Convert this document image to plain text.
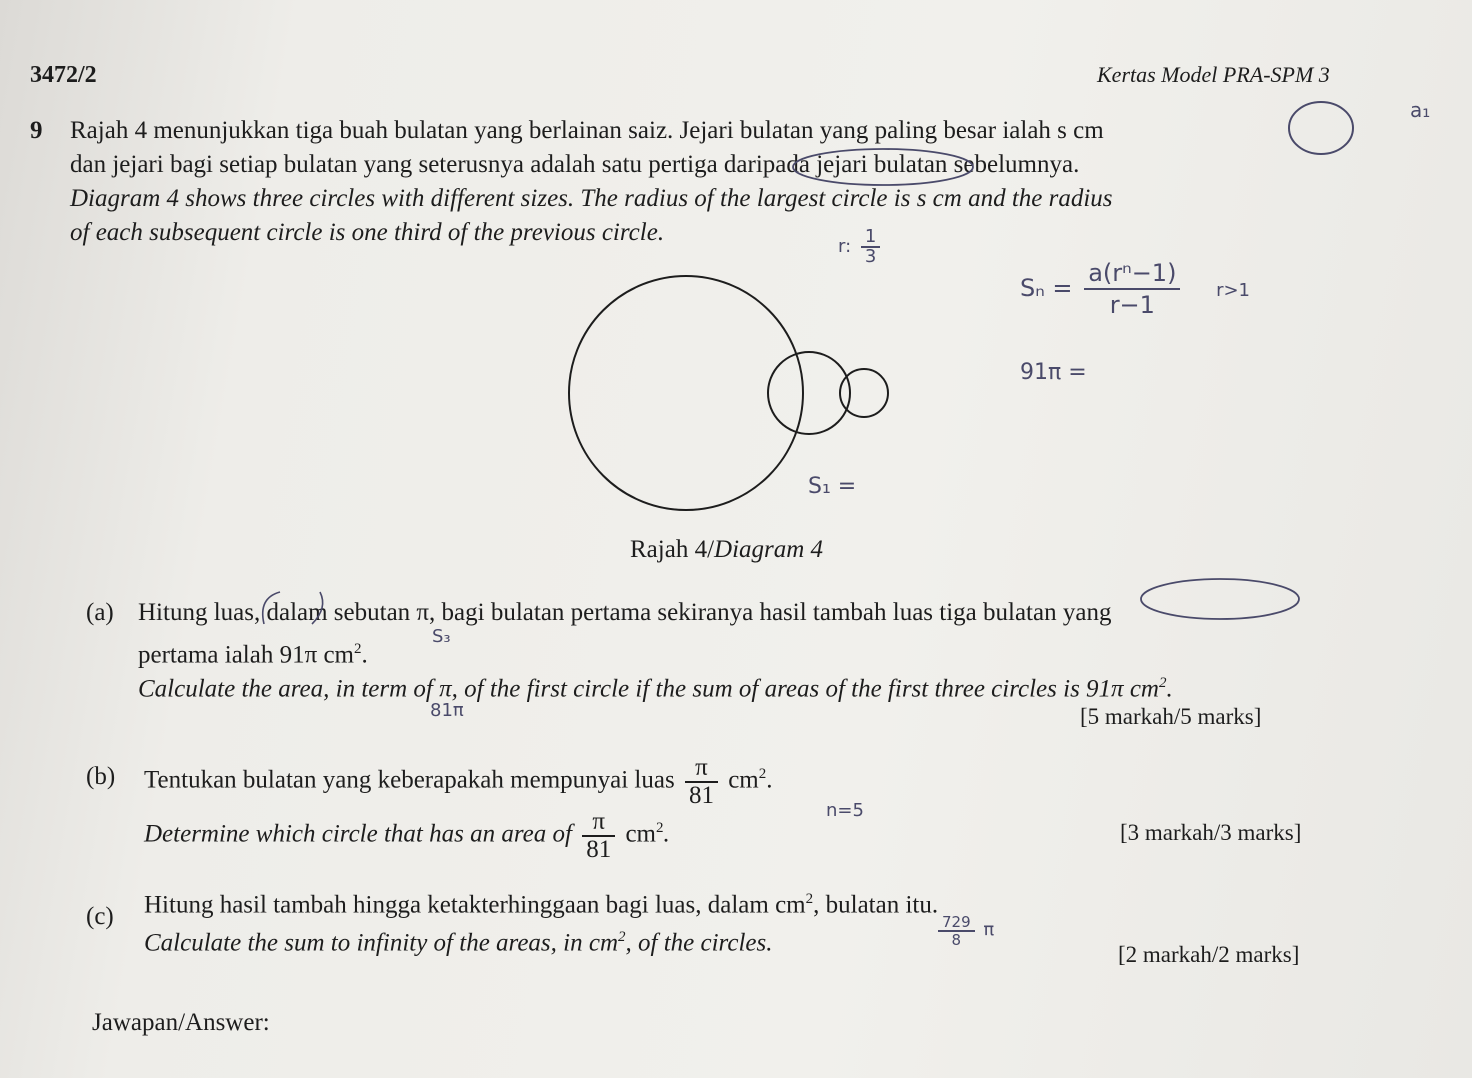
3472/2	Kertas Model PRA-SPM 3
9 Rajah 4 menunjukkan tiga buah bulatan yang berlainan saiz. Jejari bulatan yang paling besar ialah s cm
dan jejari bagi setiap bulatan yang seterusnya adalah satu pertiga daripada jejari bulatan sebelumnya.
Diagram 4 shows three circles with different sizes. The radius of the largest circle is s cm and the radius
of each subsequent circle is one third of the previous circle.
Rajah 4/Diagram 4
(a) Hitung luas, dalam sebutan π, bagi bulatan pertama sekiranya hasil tambah luas tiga bulatan yang
pertama ialah 91π $cm^2$.
Calculate the area, in term of π, of the first circle if the sum of areas of the first three circles is 91π $cm^2$.
[5 markah/5 marks]
(b) Tentukan bulatan yang keberapakah mempunyai luas $\frac{\pi}{81} cm^2$.
Determine which circle that has an area of $\frac{\pi}{81} cm^2$.	[3 markah/3 marks]
(c) Hitung hasil tambah hingga ketakterhinggaan bagi luas, dalam $cm^2$, bulatan itu.
Calculate the sum to infinity of the areas, in $cm^2$, of the circles.	[2 markah/2 marks]
Jawapan/Answer:
a₁
r: $\frac{1}{3}$
$S_n = \frac{\text{a(rⁿ−1)}}{r-1} r>1$
91π =
S₁ =
S₃
81π
n=5
$\frac{729}{8}$ π
